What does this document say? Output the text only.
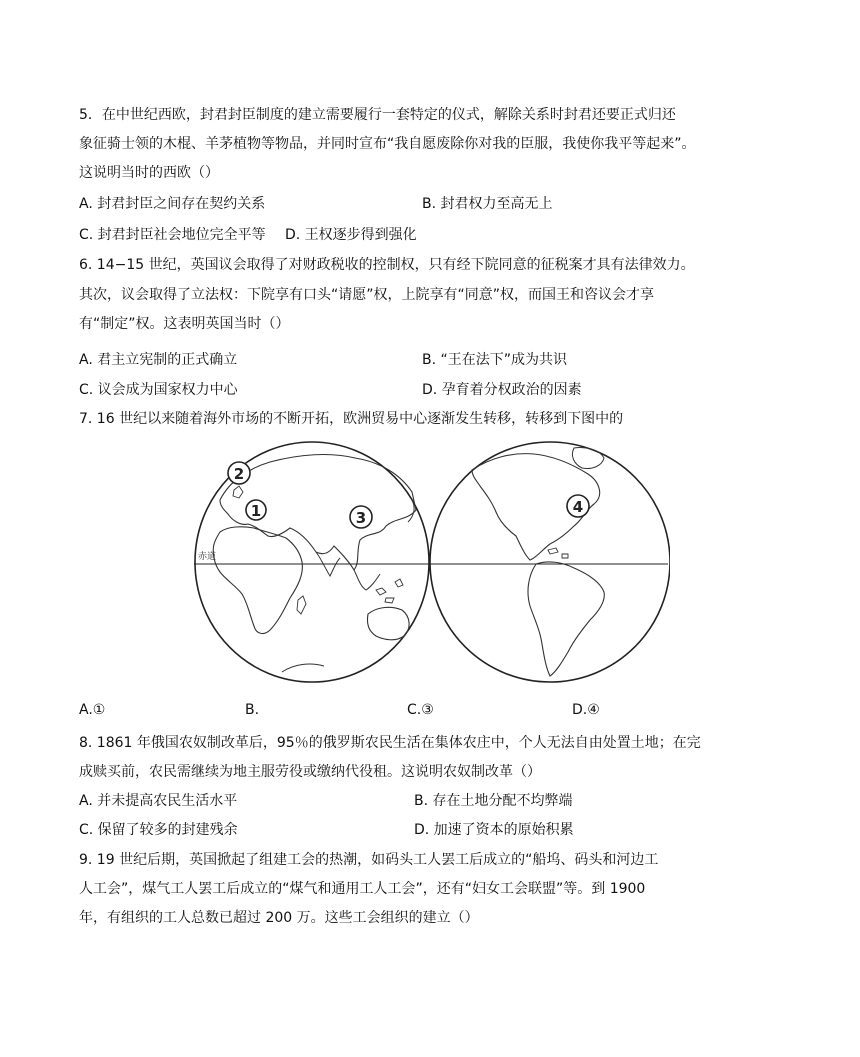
5．在中世纪西欧，封君封臣制度的建立需要履行一套特定的仪式，解除关系时封君还要正式归还
象征骑士领的木棍、羊茅植物等物品，并同时宣布“我自愿废除你对我的臣服，我使你我平等起来”。
这说明当时的西欧（）
A. 封君封臣之间存在契约关系	B. 封君权力至高无上
C. 封君封臣社会地位完全平等 D. 王权逐步得到强化
6. 14−15 世纪，英国议会取得了对财政税收的控制权，只有经下院同意的征税案才具有法律效力。
其次，议会取得了立法权：下院享有口头“请愿”权，上院享有“同意”权，而国王和咨议会才享
有“制定”权。这表明英国当时（）
A. 君主立宪制的正式确立	B. “王在法下”成为共识
C. 议会成为国家权力中心	D. 孕育着分权政治的因素
7. 16 世纪以来随着海外市场的不断开拓，欧洲贸易中心逐渐发生转移，转移到下图中的
赤道
1
2
3
4
A.①	B.	C.③	D.④
8. 1861 年俄国农奴制改革后，95％的俄罗斯农民生活在集体农庄中，个人无法自由处置土地；在完
成赎买前，农民需继续为地主服劳役或缴纳代役租。这说明农奴制改革（）
A. 并未提高农民生活水平	B. 存在土地分配不均弊端
C. 保留了较多的封建残余	D. 加速了资本的原始积累
9. 19 世纪后期，英国掀起了组建工会的热潮，如码头工人罢工后成立的“船坞、码头和河边工
人工会”，煤气工人罢工后成立的“煤气和通用工人工会”，还有“妇女工会联盟”等。到 1900
年，有组织的工人总数已超过 200 万。这些工会组织的建立（）
